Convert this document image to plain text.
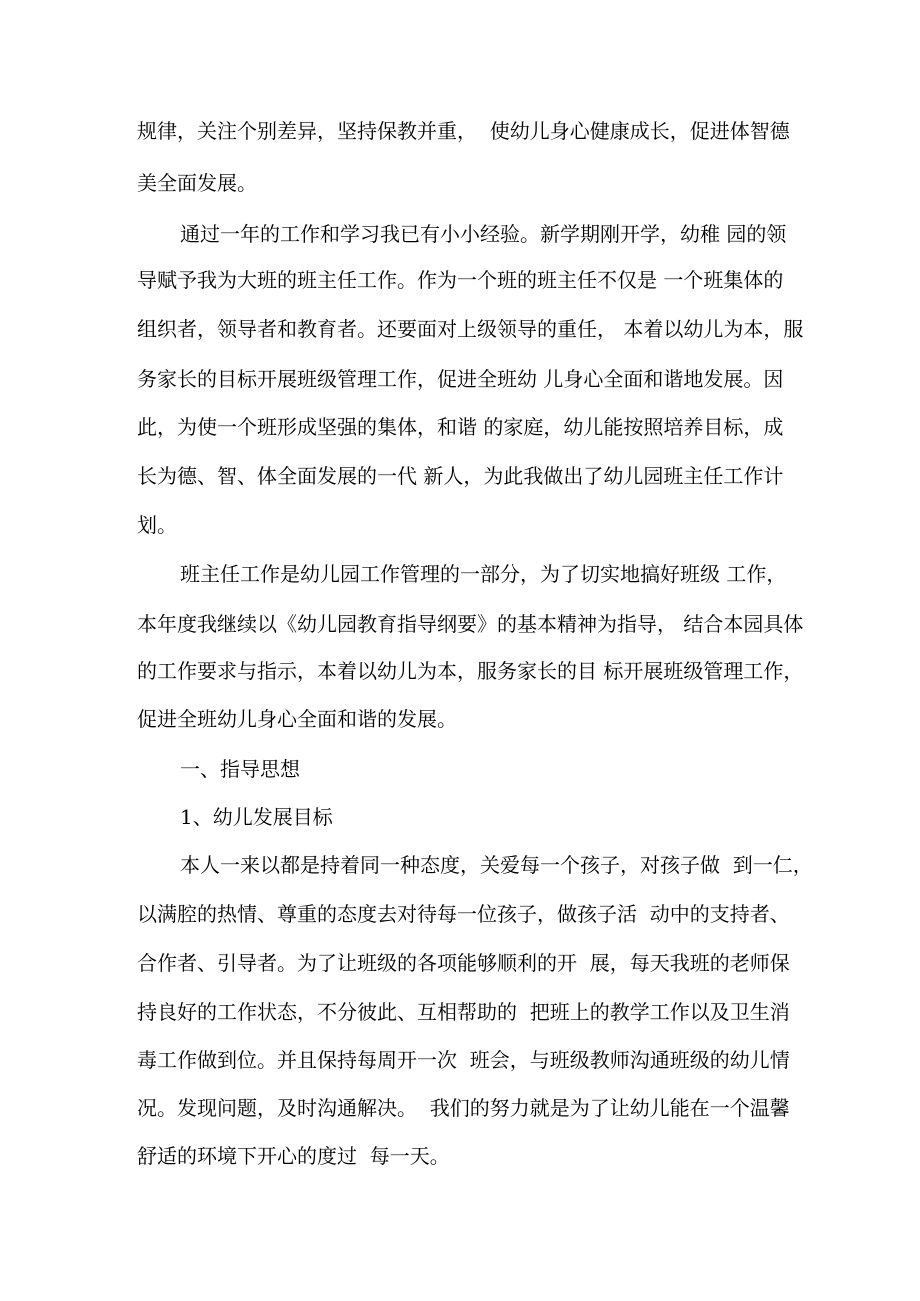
规律，关注个别差异，坚持保教并重，  使幼儿身心健康成长，促进体智德
美全面发展。
通过一年的工作和学习我已有小小经验。新学期刚开学，幼稚 园的领
导赋予我为大班的班主任工作。作为一个班的班主任不仅是 一个班集体的
组织者，领导者和教育者。还要面对上级领导的重任， 本着以幼儿为本，服
务家长的目标开展班级管理工作，促进全班幼 儿身心全面和谐地发展。因
此，为使一个班形成坚强的集体，和谐 的家庭，幼儿能按照培养目标，成
长为德、智、体全面发展的一代 新人，为此我做出了幼儿园班主任工作计
划。
班主任工作是幼儿园工作管理的一部分，为了切实地搞好班级 工作，
本年度我继续以《幼儿园教育指导纲要》的基本精神为指导， 结合本园具体
的工作要求与指示，本着以幼儿为本，服务家长的目 标开展班级管理工作，
促进全班幼儿身心全面和谐的发展。
一、指导思想
1、幼儿发展目标
本人一来以都是持着同一种态度，关爱每一个孩子，对孩子做  到一仁，
以满腔的热情、尊重的态度去对待每一位孩子，做孩子活  动中的支持者、
合作者、引导者。为了让班级的各项能够顺利的开  展，每天我班的老师保
持良好的工作状态，不分彼此、互相帮助的  把班上的教学工作以及卫生消
毒工作做到位。并且保持每周开一次  班会，与班级教师沟通班级的幼儿情
况。发现问题，及时沟通解决。  我们的努力就是为了让幼儿能在一个温馨
舒适的环境下开心的度过  每一天。
